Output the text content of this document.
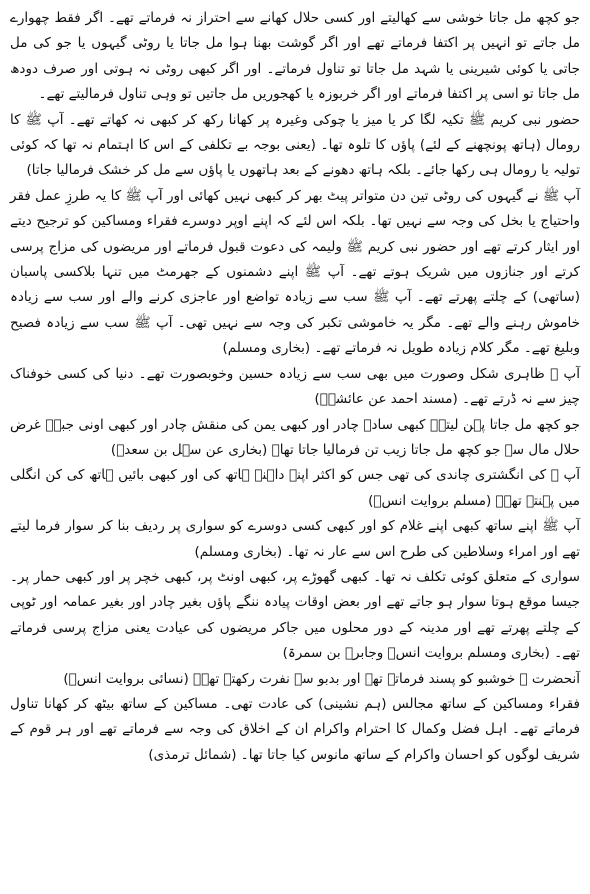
جو کچھ مل جاتا خوشی سے کھالیتے اور کسی حلال کھانے سے احتراز نہ فرماتے تھے۔ اگر فقط چھوارے مل جاتے تو انہیں پر اکتفا فرماتے تھے اور اگر گوشت بھنا ہوا مل جاتا یا روٹی گیہوں یا جو کی مل جاتی یا کوئی شیرینی یا شہد مل جاتا تو تناول فرماتے۔ اور اگر کبھی روٹی نہ ہوتی اور صرف دودھ مل جاتا تو اسی پر اکتفا فرماتے اور اگر خربوزہ یا کھجوریں مل جاتیں تو وہی تناول فرمالیتے تھے۔

حضور نبی کریم ﷺ تکیہ لگا کر یا میز یا چوکی وغیرہ پر کھانا رکھ کر کبھی نہ کھاتے تھے۔ آپ ﷺ کا رومال (ہاتھ پونچھنے کے لئے) پاؤں کا تلوہ تھا۔ (یعنی بوجہ بے تکلفی کے اس کا اہتمام نہ تھا کہ کوئی تولیہ یا رومال ہی رکھا جائے۔ بلکہ ہاتھ دھونے کے بعد ہاتھوں یا پاؤں سے مل کر خشک فرمالیا جاتا)

آپ ﷺ نے گیہوں کی روٹی تین دن متواتر پیٹ بھر کر کبھی نہیں کھائی اور آپ ﷺ کا یہ طرزِ عمل فقر واحتیاج یا بخل کی وجہ سے نہیں تھا۔ بلکہ اس لئے کہ اپنے اوپر دوسرے فقراء ومساکین کو ترجیح دیتے اور ایثار کرتے تھے اور حضور نبی کریم ﷺ ولیمہ کی دعوت قبول فرماتے اور مریضوں کی مزاج پرسی کرتے اور جنازوں میں شریک ہوتے تھے۔ آپ ﷺ اپنے دشمنوں کے جھرمٹ میں تنہا بلاکسی پاسبان (ساتھی) کے چلتے پھرتے تھے۔ آپ ﷺ سب سے زیادہ تواضع اور عاجزی کرنے والے اور سب سے زیادہ خاموش رہنے والے تھے۔ مگر یہ خاموشی تکبر کی وجہ سے نہیں تھی۔ آپ ﷺ سب سے زیادہ فصیح وبلیغ تھے۔ مگر کلام زیادہ طویل نہ فرماتے تھے۔ (بخاری ومسلم)

آپ ﷺ ظاہری شکل وصورت میں بھی سب سے زیادہ حسین وخوبصورت تھے۔ دنیا کی کسی خوفناک چیز سے نہ ڈرتے تھے۔ (مسند احمد عن عائشہؓ)

جو کچھ مل جاتا پہن لیتے۔ کبھی سادہ چادر اور کبھی یمن کی منقش چادر اور کبھی اونی جبہ۔ غرض حلال مال سے جو کچھ مل جاتا زیب تن فرمالیا جاتا تھا۔ (بخاری عن سہل بن سعدؓ)

آپ ﷺ کی انگشتری چاندی کی تھی جس کو اکثر اپنے داہنے ہاتھ کی اور کبھی بائیں ہاتھ کی کن انگلی میں پہنتے تھے۔ (مسلم بروایت انسؓ)

آپ ﷺ اپنے ساتھ کبھی اپنے غلام کو اور کبھی کسی دوسرے کو سواری پر ردیف بنا کر سوار فرما لیتے تھے اور امراء وسلاطین کی طرح اس سے عار نہ تھا۔ (بخاری ومسلم)

سواری کے متعلق کوئی تکلف نہ تھا۔ کبھی گھوڑے پر، کبھی اونٹ پر، کبھی خچر پر اور کبھی حمار پر۔ جیسا موقع ہوتا سوار ہو جاتے تھے اور بعض اوقات پیادہ ننگے پاؤں بغیر چادر اور بغیر عمامہ اور ٹوپی کے چلتے پھرتے تھے اور مدینہ کے دور محلوں میں جاکر مریضوں کی عیادت یعنی مزاج پرسی فرماتے تھے۔ (بخاری ومسلم بروایت انسؓ وجابرؓ بن سمرۃ)

آنحضرت ﷺ خوشبو کو پسند فرماتے تھے اور بدبو سے نفرت رکھتے تھے۔ (نسائی بروایت انسؓ)

فقراء ومساکین کے ساتھ مجالس (ہم نشینی) کی عادت تھی۔ مساکین کے ساتھ بیٹھ کر کھانا تناول فرماتے تھے۔ اہل فضل وکمال کا احترام واکرام ان کے اخلاق کی وجہ سے فرماتے تھے اور ہر قوم کے شریف لوگوں کو احسان واکرام کے ساتھ مانوس کیا جاتا تھا۔ (شمائل ترمذی)
